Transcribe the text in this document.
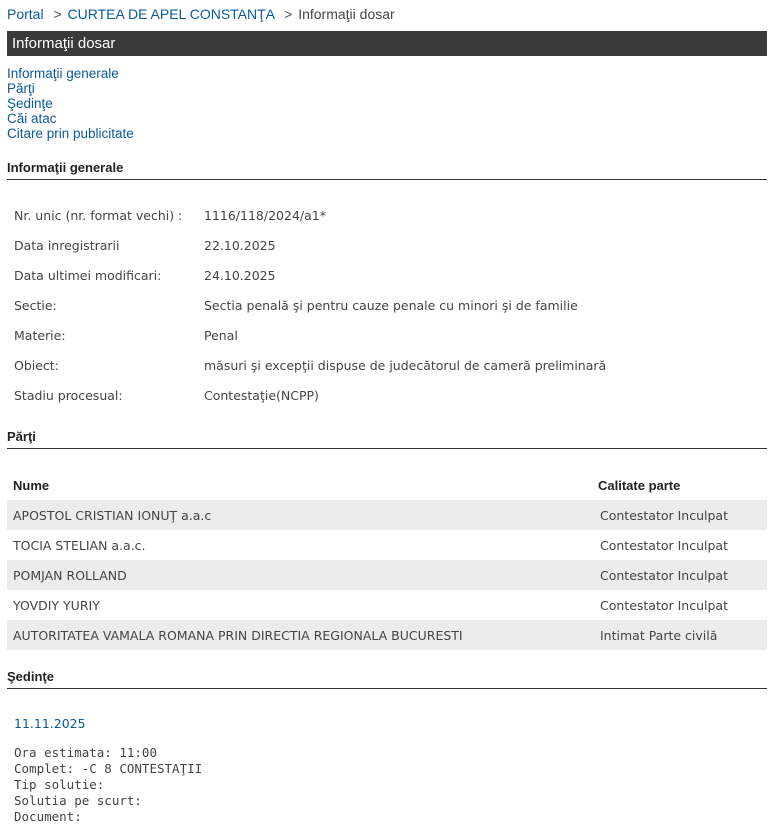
Portal > CURTEA DE APEL CONSTANŢA > Informaţii dosar
Informaţii dosar
Informaţii generale
Părţi
Şedinţe
Căi atac
Citare prin publicitate
Informaţii generale
Nr. unic (nr. format vechi) :	1116/118/2024/a1*
Data inregistrarii	22.10.2025
Data ultimei modificari:	24.10.2025
Sectie:	Sectia penală şi pentru cauze penale cu minori şi de familie
Materie:	Penal
Obiect:	măsuri şi excepţii dispuse de judecătorul de cameră preliminară
Stadiu procesual:	Contestaţie(NCPP)
Părţi
Nume	Calitate parte
APOSTOL CRISTIAN IONUŢ a.a.c	Contestator Inculpat
TOCIA STELIAN a.a.c.	Contestator Inculpat
POMJAN ROLLAND	Contestator Inculpat
YOVDIY YURIY	Contestator Inculpat
AUTORITATEA VAMALA ROMANA PRIN DIRECTIA REGIONALA BUCURESTI	Intimat Parte civilă
Şedinţe
11.11.2025
Ora estimata: 11:00
Complet: -C 8 CONTESTAŢII
Tip solutie:
Solutia pe scurt:
Document:
